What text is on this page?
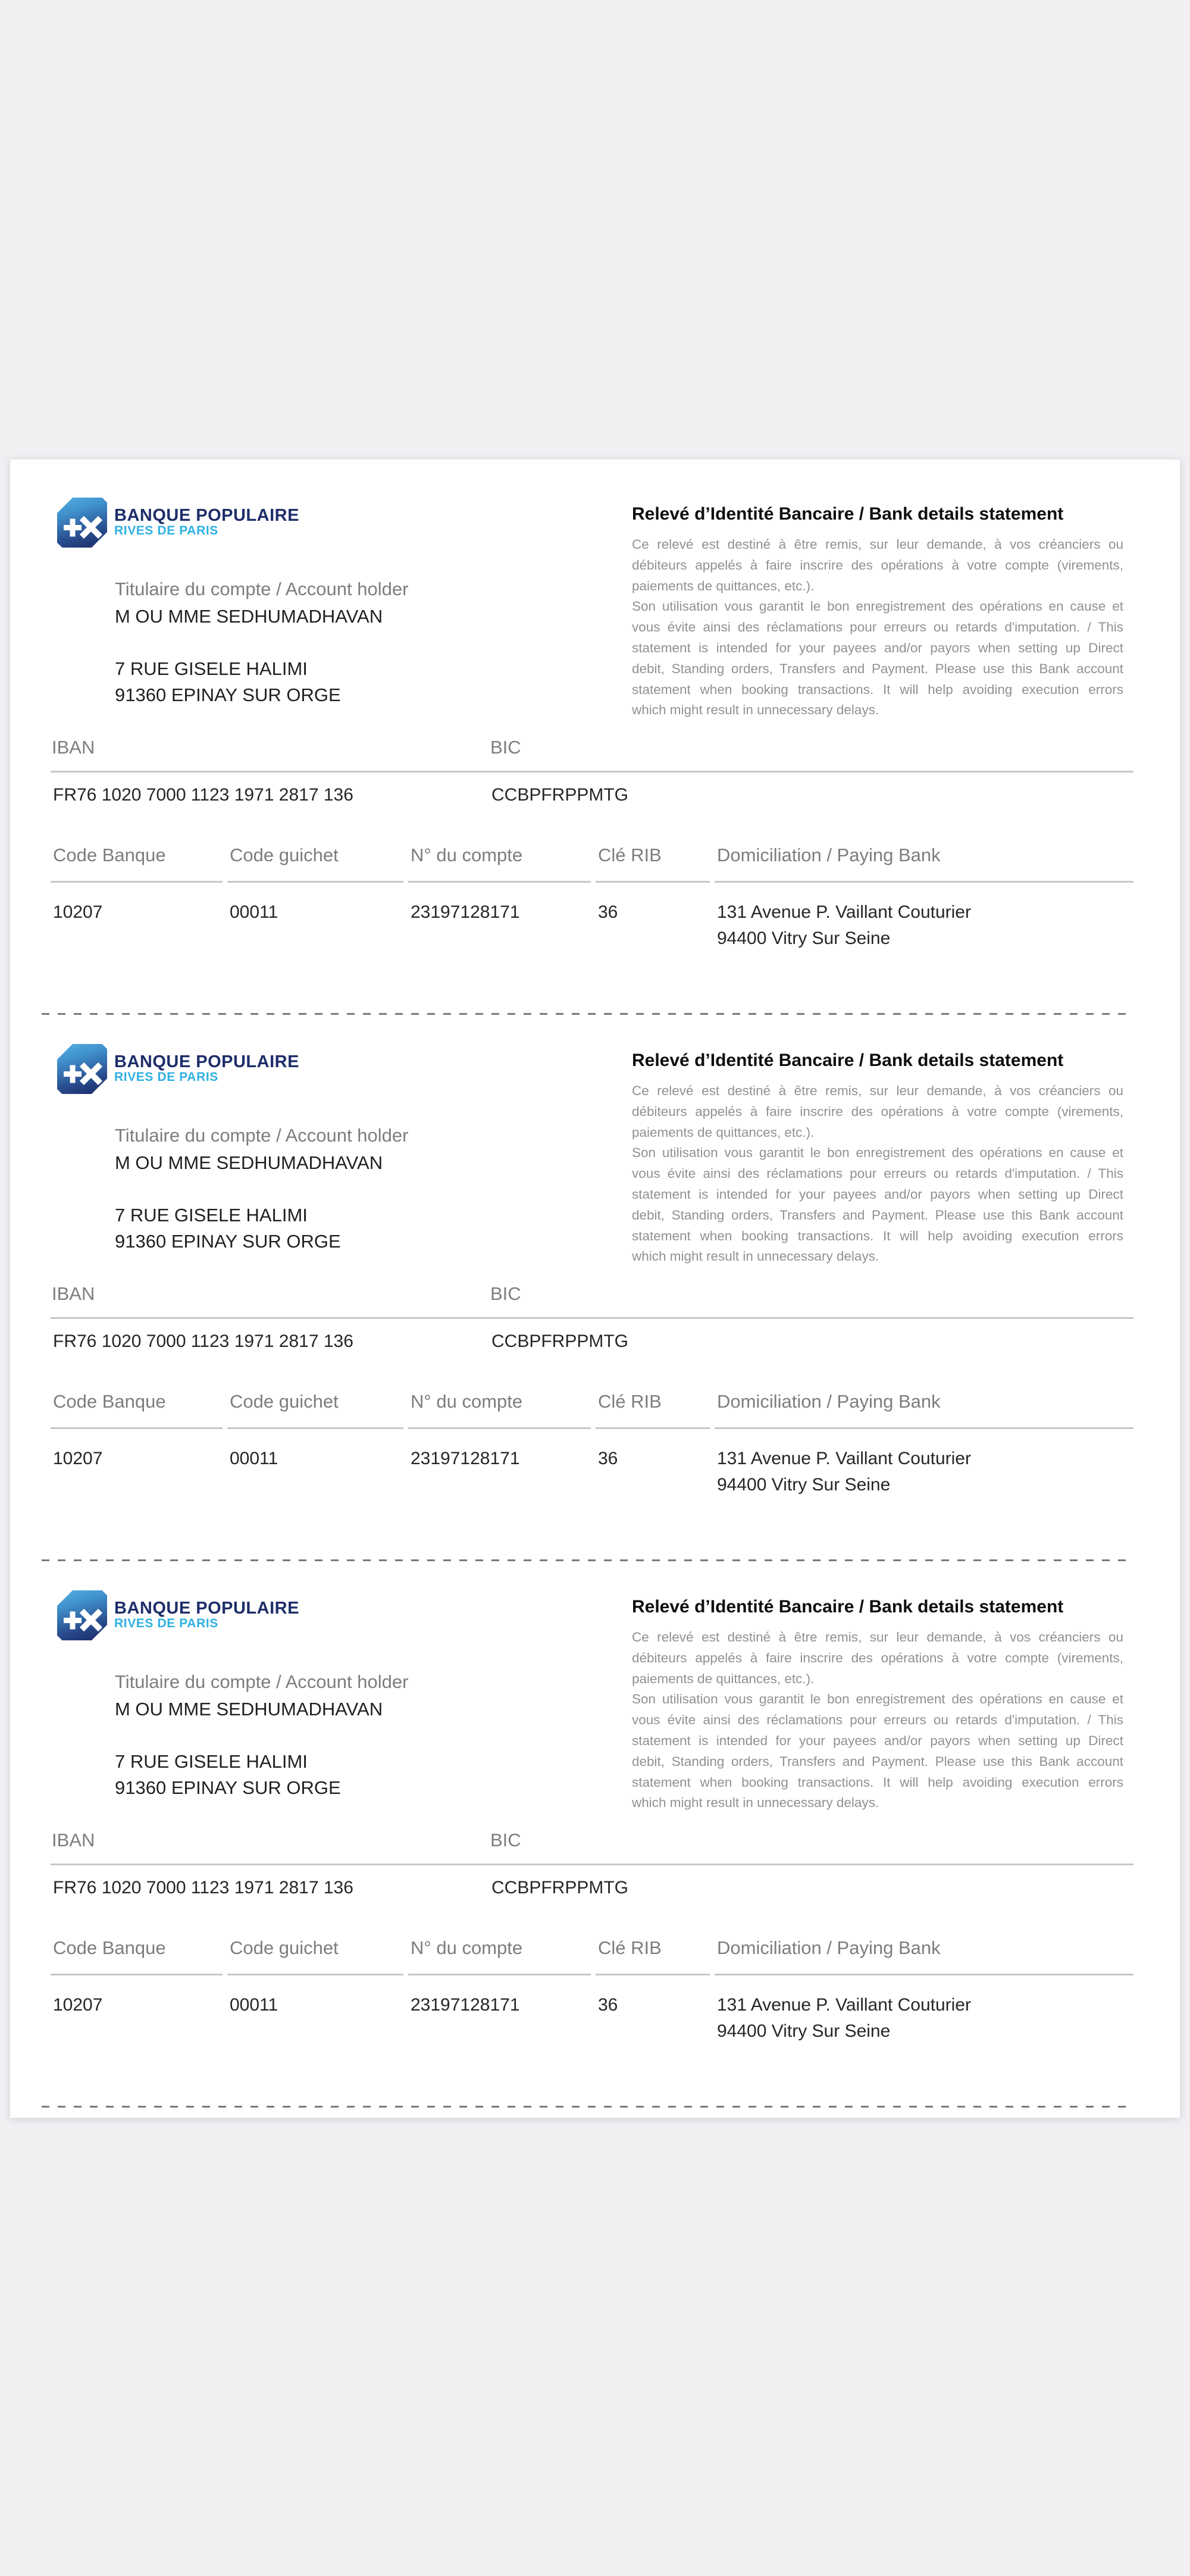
BANQUE POPULAIRE
RIVES DE PARIS
Titulaire du compte / Account holder
M OU MME SEDHUMADHAVAN
7 RUE GISELE HALIMI
91360 EPINAY SUR ORGE
Relevé d’Identité Bancaire / Bank details statement
Ce relevé est destiné à être remis, sur leur demande, à vos créanciers ou
débiteurs appelés à faire inscrire des opérations à votre compte (virements,
paiements de quittances, etc.).
Son utilisation vous garantit le bon enregistrement des opérations en cause et
vous évite ainsi des réclamations pour erreurs ou retards d'imputation. / This
statement is intended for your payees and/or payors when setting up Direct
debit, Standing orders, Transfers and Payment. Please use this Bank account
statement when booking transactions. It will help avoiding execution errors
which might result in unnecessary delays.
IBAN	BIC
FR76 1020 7000 1123 1971 2817 136	CCBPFRPPMTG
Code Banque	Code guichet	N° du compte	Clé RIB	Domiciliation / Paying Bank
10207	00011	23197128171	36	131 Avenue P. Vaillant Couturier
94400 Vitry Sur Seine
BANQUE POPULAIRE
RIVES DE PARIS
Titulaire du compte / Account holder
M OU MME SEDHUMADHAVAN
7 RUE GISELE HALIMI
91360 EPINAY SUR ORGE
Relevé d’Identité Bancaire / Bank details statement
Ce relevé est destiné à être remis, sur leur demande, à vos créanciers ou
débiteurs appelés à faire inscrire des opérations à votre compte (virements,
paiements de quittances, etc.).
Son utilisation vous garantit le bon enregistrement des opérations en cause et
vous évite ainsi des réclamations pour erreurs ou retards d'imputation. / This
statement is intended for your payees and/or payors when setting up Direct
debit, Standing orders, Transfers and Payment. Please use this Bank account
statement when booking transactions. It will help avoiding execution errors
which might result in unnecessary delays.
IBAN	BIC
FR76 1020 7000 1123 1971 2817 136	CCBPFRPPMTG
Code Banque	Code guichet	N° du compte	Clé RIB	Domiciliation / Paying Bank
10207	00011	23197128171	36	131 Avenue P. Vaillant Couturier
94400 Vitry Sur Seine
BANQUE POPULAIRE
RIVES DE PARIS
Titulaire du compte / Account holder
M OU MME SEDHUMADHAVAN
7 RUE GISELE HALIMI
91360 EPINAY SUR ORGE
Relevé d’Identité Bancaire / Bank details statement
Ce relevé est destiné à être remis, sur leur demande, à vos créanciers ou
débiteurs appelés à faire inscrire des opérations à votre compte (virements,
paiements de quittances, etc.).
Son utilisation vous garantit le bon enregistrement des opérations en cause et
vous évite ainsi des réclamations pour erreurs ou retards d'imputation. / This
statement is intended for your payees and/or payors when setting up Direct
debit, Standing orders, Transfers and Payment. Please use this Bank account
statement when booking transactions. It will help avoiding execution errors
which might result in unnecessary delays.
IBAN	BIC
FR76 1020 7000 1123 1971 2817 136	CCBPFRPPMTG
Code Banque	Code guichet	N° du compte	Clé RIB	Domiciliation / Paying Bank
10207	00011	23197128171	36	131 Avenue P. Vaillant Couturier
94400 Vitry Sur Seine
